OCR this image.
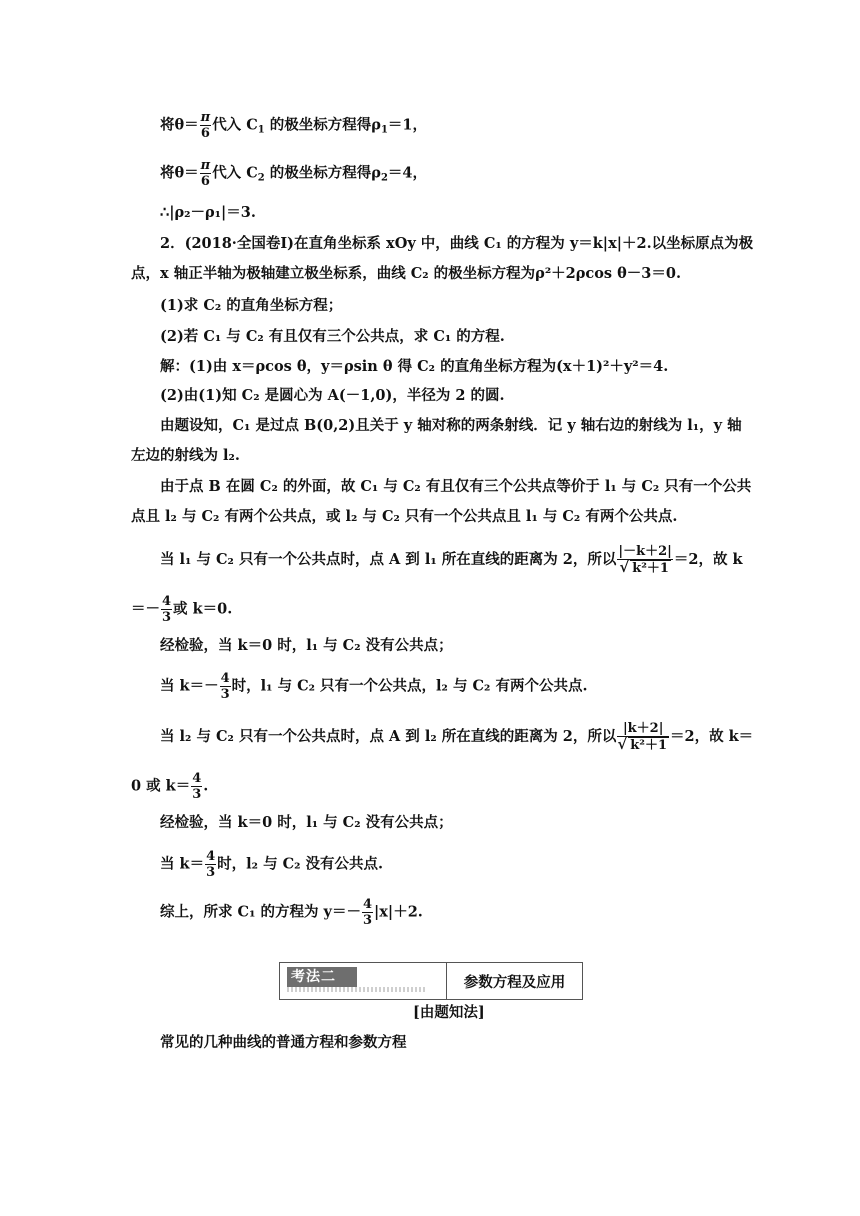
将$\theta= \frac{\pi}{6}$ 代入 $C_1$ 的极坐标方程得$\rho_1=1$，
将$\theta= \frac{\pi}{6}$ 代入 $C_2$ 的极坐标方程得$\rho_2=4$，
∴|ρ₂－ρ₁|＝3.
2．(2018·全国卷Ⅰ)在直角坐标系 xOy 中，曲线 C₁ 的方程为 y＝k|x|＋2.以坐标原点为极
点，x 轴正半轴为极轴建立极坐标系，曲线 C₂ 的极坐标方程为ρ²＋2ρcos θ－3＝0.
(1)求 C₂ 的直角坐标方程；
(2)若 C₁ 与 C₂ 有且仅有三个公共点，求 C₁ 的方程.
解：(1)由 x＝ρcos θ，y＝ρsin θ 得 C₂ 的直角坐标方程为(x＋1)²＋y²＝4.
(2)由(1)知 C₂ 是圆心为 A(－1,0)，半径为 2 的圆.
由题设知，C₁ 是过点 B(0,2)且关于 y 轴对称的两条射线．记 y 轴右边的射线为 l₁，y 轴
左边的射线为 l₂.
由于点 B 在圆 C₂ 的外面，故 C₁ 与 C₂ 有且仅有三个公共点等价于 l₁ 与 C₂ 只有一个公共
点且 l₂ 与 C₂ 有两个公共点，或 l₂ 与 C₂ 只有一个公共点且 l₁ 与 C₂ 有两个公共点.
当 l₁ 与 C₂ 只有一个公共点时，点 A 到 l₁ 所在直线的距离为 2，所以 $\frac{|-k+2|}{\text{√ k²＋1}} =2$，故 k
＝－ $\frac{4}{3}$ 或 k＝0.
经检验，当 k＝0 时，l₁ 与 C₂ 没有公共点；
当 $k=- \frac{4}{3}$ 时，l₁ 与 C₂ 只有一个公共点，l₂ 与 C₂ 有两个公共点.
当 l₂ 与 C₂ 只有一个公共点时，点 A 到 l₂ 所在直线的距离为 2，所以 $\frac{|k+2|}{\text{√ k²＋1}} =2$，故 k＝
0 或 $k= \frac{4}{3}$ .
经检验，当 k＝0 时，l₁ 与 C₂ 没有公共点；
当 $k= \frac{4}{3}$ 时，l₂ 与 C₂ 没有公共点.
综上，所求 C₁ 的方程为 $y=- \frac{4}{3} |x|+2$.
考法二	参数方程及应用
[由题知法]
常见的几种曲线的普通方程和参数方程
